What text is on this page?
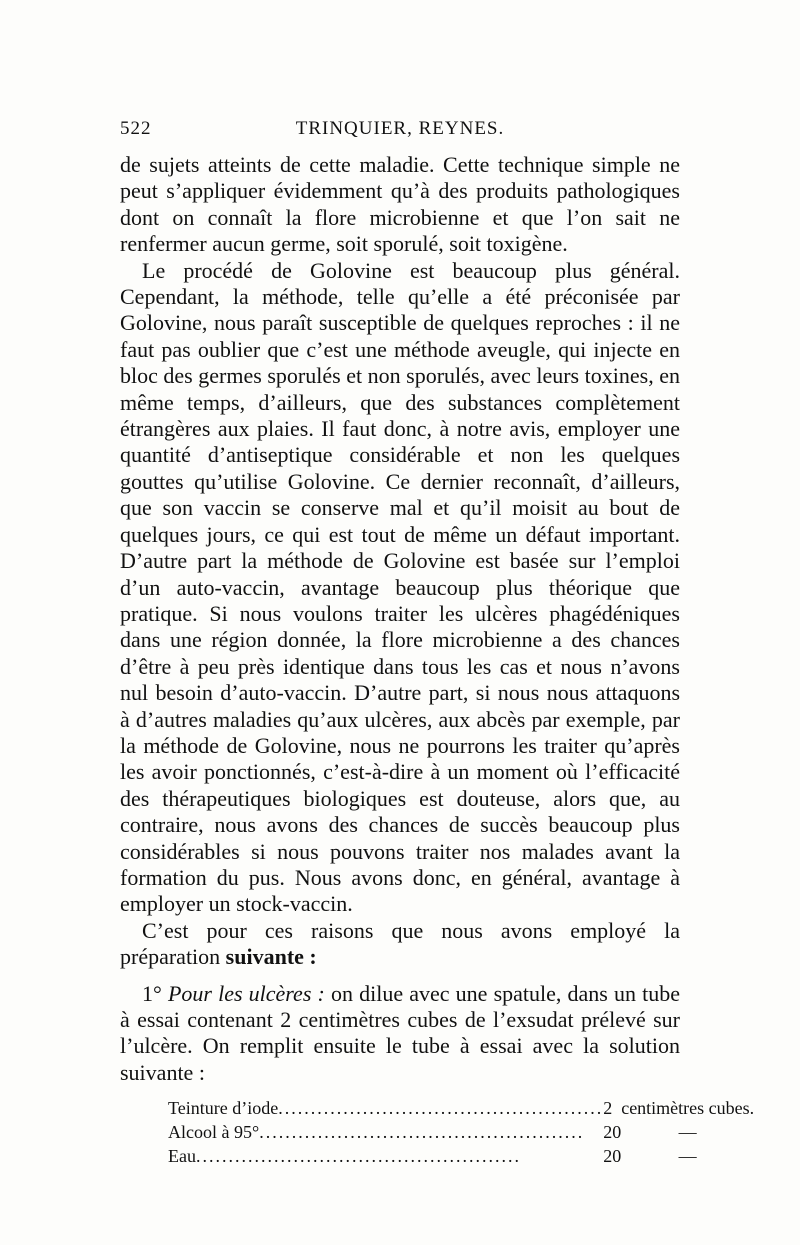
522	TRINQUIER, REYNES.

de sujets atteints de cette maladie. Cette technique simple ne peut s’appliquer évidemment qu’à des produits pathologiques dont on connaît la flore microbienne et que l’on sait ne renfermer aucun germe, soit sporulé, soit toxigène.

Le procédé de Golovine est beaucoup plus général. Cependant, la méthode, telle qu’elle a été préconisée par Golovine, nous paraît susceptible de quelques reproches : il ne faut pas oublier que c’est une méthode aveugle, qui injecte en bloc des germes sporulés et non sporulés, avec leurs toxines, en même temps, d’ailleurs, que des substances complètement étrangères aux plaies. Il faut donc, à notre avis, employer une quantité d’antiseptique considérable et non les quelques gouttes qu’utilise Golovine. Ce dernier reconnaît, d’ailleurs, que son vaccin se conserve mal et qu’il moisit au bout de quelques jours, ce qui est tout de même un défaut important. D’autre part la méthode de Golovine est basée sur l’emploi d’un auto-vaccin, avantage beaucoup plus théorique que pratique. Si nous voulons traiter les ulcères phagédéniques dans une région donnée, la flore microbienne a des chances d’être à peu près identique dans tous les cas et nous n’avons nul besoin d’auto-vaccin. D’autre part, si nous nous attaquons à d’autres maladies qu’aux ulcères, aux abcès par exemple, par la méthode de Golovine, nous ne pourrons les traiter qu’après les avoir ponctionnés, c’est-à-dire à un moment où l’efficacité des thérapeutiques biologiques est douteuse, alors que, au contraire, nous avons des chances de succès beaucoup plus considérables si nous pouvons traiter nos malades avant la formation du pus. Nous avons donc, en général, avantage à employer un stock-vaccin.

C’est pour ces raisons que nous avons employé la préparation suivante :

1° Pour les ulcères : on dilue avec une spatule, dans un tube à essai contenant 2 centimètres cubes de l’exsudat prélevé sur l’ulcère. On remplit ensuite le tube à essai avec la solution suivante :

Teinture d’iode..................................................	2	centimètres cubes.
Alcool à 95°..................................................	20	—
Eau..................................................	20	—
